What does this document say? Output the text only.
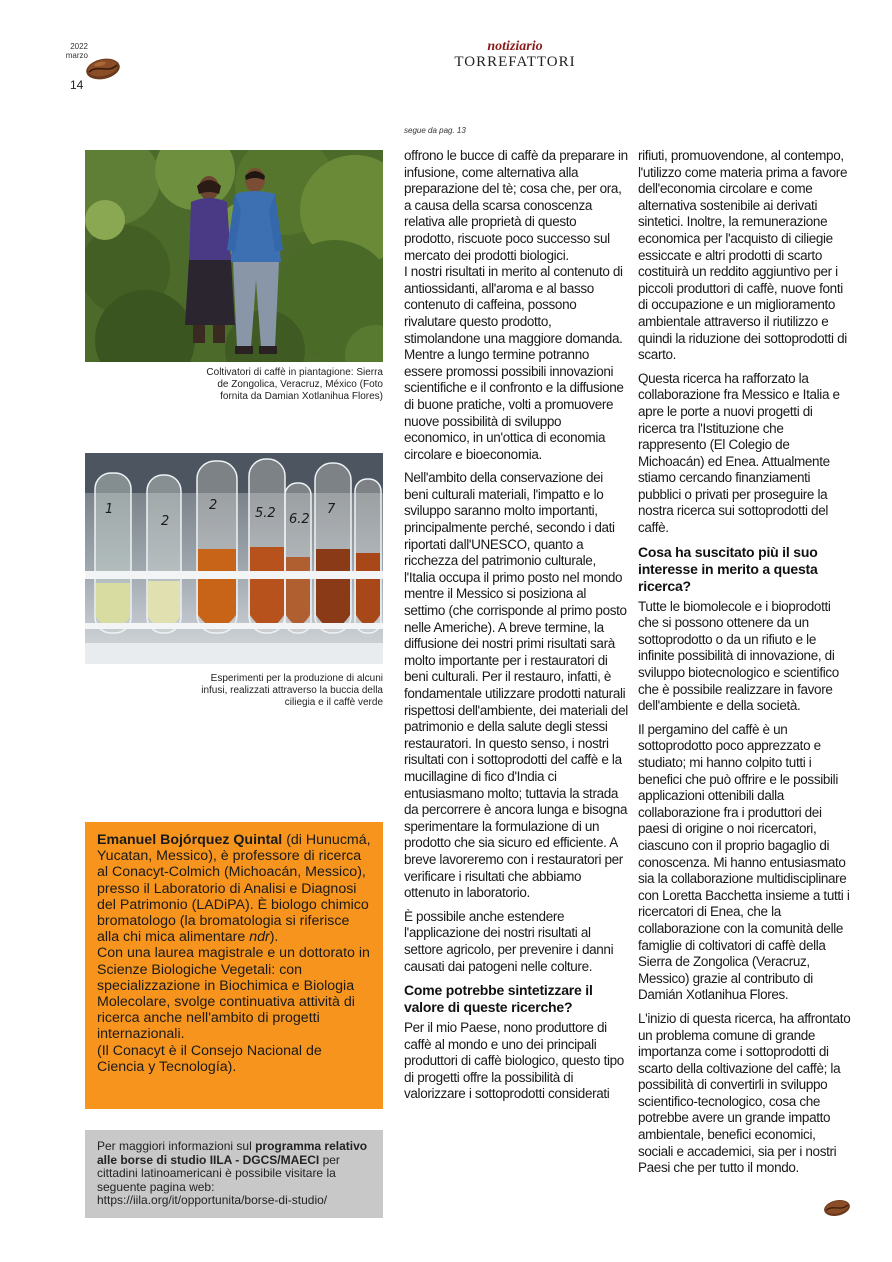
2022
marzo
14
notiziario
TORREFATTORI
Coltivatori di caffè in piantagione: Sierra de Zongolica, Veracruz, México (Foto fornita da Damian Xotlanihua Flores)
1
2
2
5.2 6.2
7
Esperimenti per la produzione di alcuni infusi, realizzati attraverso la buccia della ciliegia e il caffè verde
Emanuel Bojórquez Quintal (di Hunucmá, Yucatan, Messico), è professore di ricerca al Conacyt-Colmich (Michoacán, Messico), presso il Laboratorio di Analisi e Diagnosi del Patrimonio (LADiPA). È biologo chimico bromatologo (la bromatologia si riferisce alla chi mica alimentare ndr).
Con una laurea magistrale e un dottorato in Scienze Biologiche Vegetali: con specializzazione in Biochimica e Biologia Molecolare, svolge continuativa attività di ricerca anche nell'ambito di progetti internazionali.
(Il Conacyt è il Consejo Nacional de Ciencia y Tecnología).
Per maggiori informazioni sul programma relativo alle borse di studio IILA - DGCS/MAECI per cittadini latinoamericani è possibile visitare la seguente pagina web: https://iila.org/it/opportunita/borse-di-studio/
segue da pag. 13

offrono le bucce di caffè da preparare in infusione, come alternativa alla preparazione del tè; cosa che, per ora, a causa della scarsa conoscenza relativa alle proprietà di questo prodotto, riscuote poco successo sul mercato dei prodotti biologici.

I nostri risultati in merito al contenuto di antiossidanti, all'aroma e al basso contenuto di caffeina, possono rivalutare questo prodotto, stimolandone una maggiore domanda. Mentre a lungo termine potranno essere promossi possibili innovazioni scientifiche e il confronto e la diffusione di buone pratiche, volti a promuovere nuove possibilità di sviluppo economico, in un'ottica di economia circolare e bioeconomia.

Nell'ambito della conservazione dei beni culturali materiali, l'impatto e lo sviluppo saranno molto importanti, principalmente perché, secondo i dati riportati dall'UNESCO, quanto a ricchezza del patrimonio culturale, l'Italia occupa il primo posto nel mondo mentre il Messico si posiziona al settimo (che corrisponde al primo posto nelle Americhe). A breve termine, la diffusione dei nostri primi risultati sarà molto importante per i restauratori di beni culturali. Per il restauro, infatti, è fondamentale utilizzare prodotti naturali rispettosi dell'ambiente, dei materiali del patrimonio e della salute degli stessi restauratori. In questo senso, i nostri risultati con i sottoprodotti del caffè e la mucillagine di fico d'India ci entusiasmano molto; tuttavia la strada da percorrere è ancora lunga e bisogna sperimentare la formulazione di un prodotto che sia sicuro ed efficiente. A breve lavoreremo con i restauratori per verificare i risultati che abbiamo ottenuto in laboratorio.

È possibile anche estendere l'applicazione dei nostri risultati al settore agricolo, per prevenire i danni causati dai patogeni nelle colture.

Come potrebbe sintetizzare il valore di queste ricerche?

Per il mio Paese, nono produttore di caffè al mondo e uno dei principali produttori di caffè biologico, questo tipo di progetti offre la possibilità di valorizzare i sottoprodotti considerati

rifiuti, promuovendone, al contempo, l'utilizzo come materia prima a favore dell'economia circolare e come alternativa sostenibile ai derivati sintetici. Inoltre, la remunerazione economica per l'acquisto di ciliegie essiccate e altri prodotti di scarto costituirà un reddito aggiuntivo per i piccoli produttori di caffè, nuove fonti di occupazione e un miglioramento ambientale attraverso il riutilizzo e quindi la riduzione dei sottoprodotti di scarto.

Questa ricerca ha rafforzato la collaborazione fra Messico e Italia e apre le porte a nuovi progetti di ricerca tra l'Istituzione che rappresento (El Colegio de Michoacán) ed Enea. Attualmente stiamo cercando finanziamenti pubblici o privati per proseguire la nostra ricerca sui sottoprodotti del caffè.

Cosa ha suscitato più il suo interesse in merito a questa ricerca?

Tutte le biomolecole e i bioprodotti che si possono ottenere da un sottoprodotto o da un rifiuto e le infinite possibilità di innovazione, di sviluppo biotecnologico e scientifico che è possibile realizzare in favore dell'ambiente e della società.

Il pergamino del caffè è un sottoprodotto poco apprezzato e studiato; mi hanno colpito tutti i benefici che può offrire e le possibili applicazioni ottenibili dalla collaborazione fra i produttori dei paesi di origine o noi ricercatori, ciascuno con il proprio bagaglio di conoscenza. Mi hanno entusiasmato sia la collaborazione multidisciplinare con Loretta Bacchetta insieme a tutti i ricercatori di Enea, che la collaborazione con la comunità delle famiglie di coltivatori di caffè della Sierra de Zongolica (Veracruz, Messico) grazie al contributo di Damián Xotlanihua Flores.

L'inizio di questa ricerca, ha affrontato un problema comune di grande importanza come i sottoprodotti di scarto della coltivazione del caffè; la possibilità di convertirli in sviluppo scientifico-tecnologico, cosa che potrebbe avere un grande impatto ambientale, benefici economici, sociali e accademici, sia per i nostri Paesi che per tutto il mondo.
